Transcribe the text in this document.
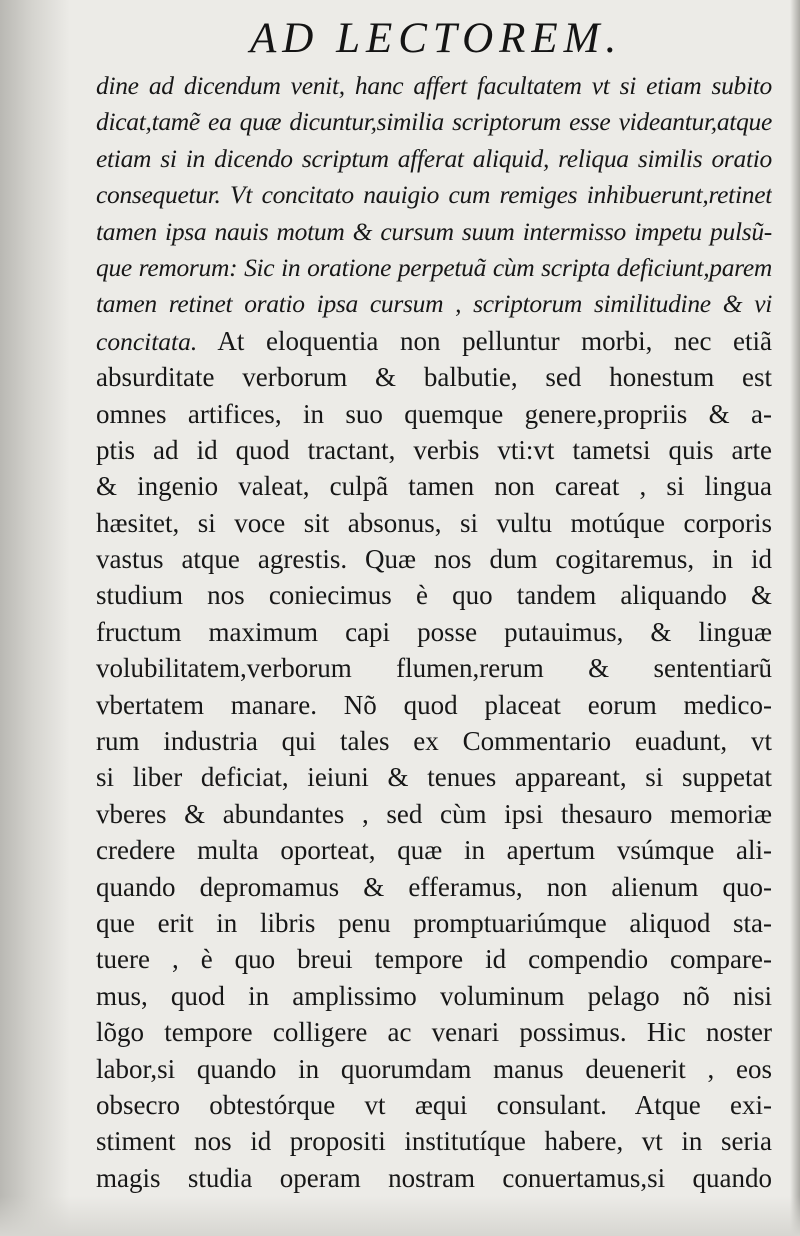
AD LECTOREM.
dine ad dicendum venit, hanc affert facultatem vt si etiam subito
dicat,tamẽ ea quæ dicuntur,similia scriptorum esse videantur,atque
etiam si in dicendo scriptum afferat aliquid, reliqua similis oratio
consequetur. Vt concitato nauigio cum remiges inhibuerunt,retinet
tamen ipsa nauis motum & cursum suum intermisso impetu pulsũ-
que remorum: Sic in oratione perpetuã cùm scripta deficiunt,parem
tamen retinet oratio ipsa cursum , scriptorum similitudine & vi
concitata. At eloquentia non pelluntur morbi, nec etiã
absurditate verborum & balbutie, sed honestum est
omnes artifices, in suo quemque genere,propriis & a-
ptis ad id quod tractant, verbis vti:vt tametsi quis arte
& ingenio valeat, culpã tamen non careat , si lingua
hæsitet, si voce sit absonus, si vultu motúque corporis
vastus atque agrestis. Quæ nos dum cogitaremus, in id
studium nos coniecimus è quo tandem aliquando &
fructum maximum capi posse putauimus, & linguæ
volubilitatem,verborum flumen,rerum & sententiarũ
vbertatem manare. Nõ quod placeat eorum medico-
rum industria qui tales ex Commentario euadunt, vt
si liber deficiat, ieiuni & tenues appareant, si suppetat
vberes & abundantes , sed cùm ipsi thesauro memoriæ
credere multa oporteat, quæ in apertum vsúmque ali-
quando depromamus & efferamus, non alienum quo-
que erit in libris penu promptuariúmque aliquod sta-
tuere , è quo breui tempore id compendio compare-
mus, quod in amplissimo voluminum pelago nõ nisi
lõgo tempore colligere ac venari possimus. Hic noster
labor,si quando in quorumdam manus deuenerit , eos
obsecro obtestórque vt æqui consulant. Atque exi-
stiment nos id propositi institutíque habere, vt in seria
magis studia operam nostram conuertamus,si quando
